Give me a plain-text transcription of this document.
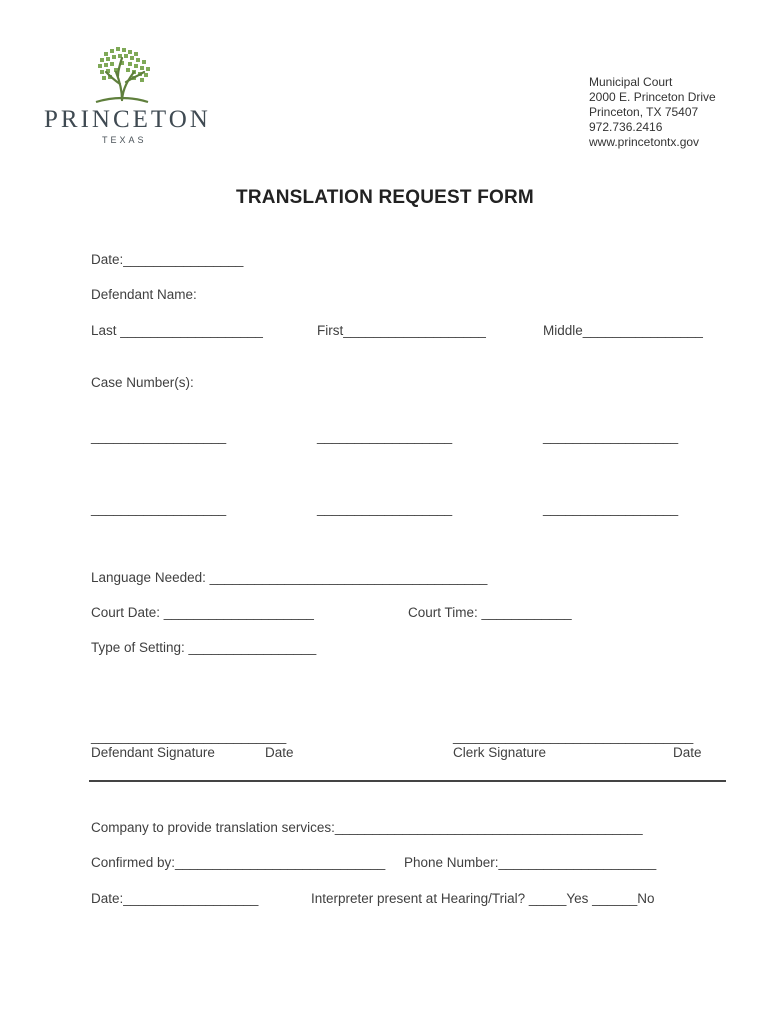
PRINCETON
TEXAS
Municipal Court
2000 E. Princeton Drive
Princeton, TX 75407
972.736.2416
www.princetontx.gov
TRANSLATION REQUEST FORM
Date:________________
Defendant Name:
Last ___________________	First___________________	Middle________________
Case Number(s):
__________________	__________________	__________________
__________________	__________________	__________________
Language Needed: _____________________________________
Court Date: ____________________	Court Time: ____________
Type of Setting: _________________
__________________________	________________________________
Defendant Signature	Date	Clerk Signature	Date
Company to provide translation services:_________________________________________
Confirmed by:____________________________ Phone Number:_____________________
Date:__________________	Interpreter present at Hearing/Trial? _____Yes ______No
